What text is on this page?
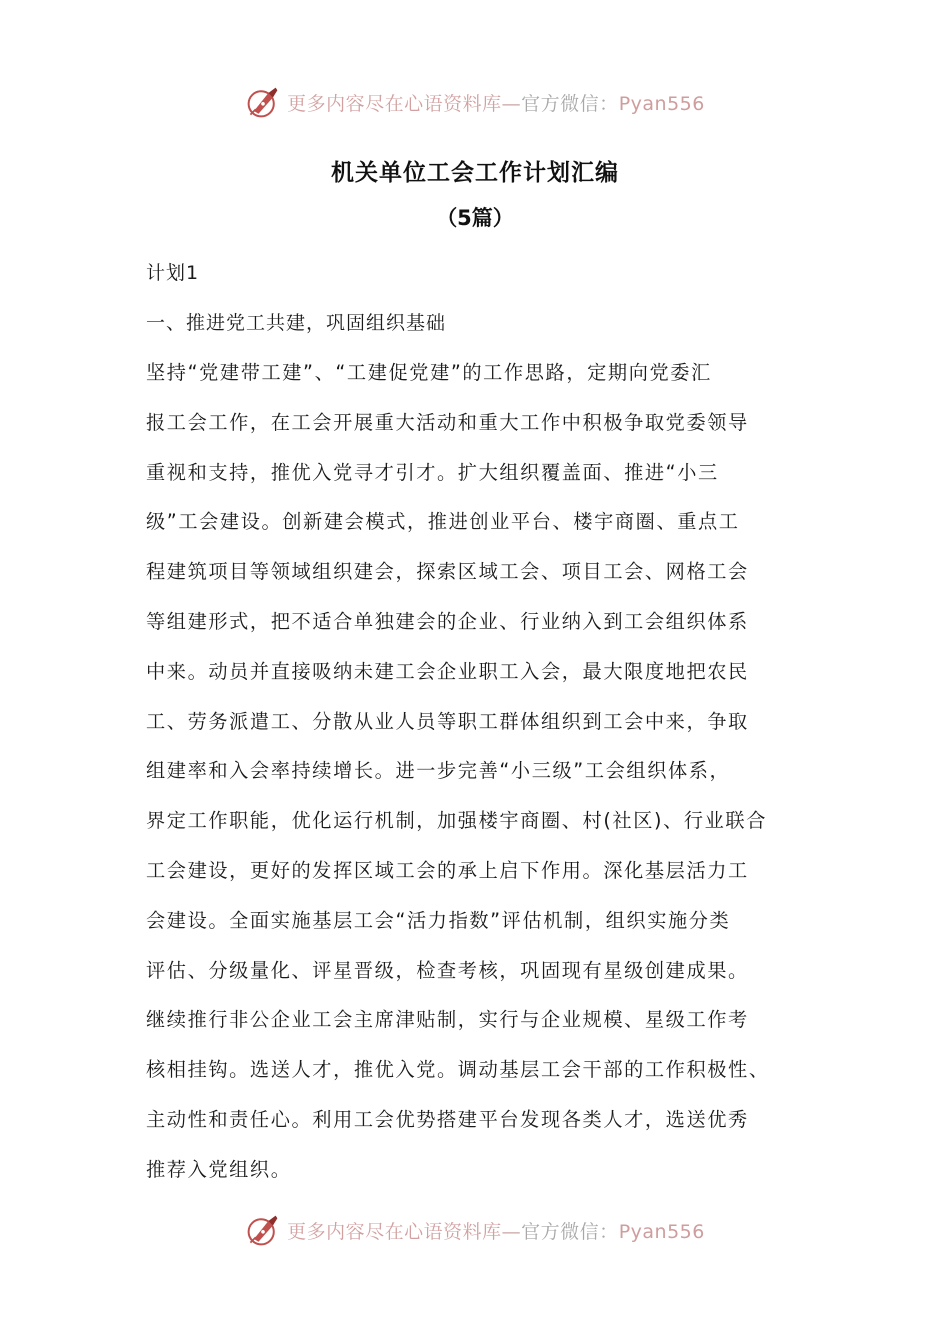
更多内容尽在心语资料库—官方微信：Pyan556
机关单位工会工作计划汇编
（5篇）
计划1
一、推进党工共建，巩固组织基础
坚持“党建带工建”、“工建促党建”的工作思路，定期向党委汇
报工会工作，在工会开展重大活动和重大工作中积极争取党委领导
重视和支持，推优入党寻才引才。扩大组织覆盖面、推进“小三
级”工会建设。创新建会模式，推进创业平台、楼宇商圈、重点工
程建筑项目等领域组织建会，探索区域工会、项目工会、网格工会
等组建形式，把不适合单独建会的企业、行业纳入到工会组织体系
中来。动员并直接吸纳未建工会企业职工入会，最大限度地把农民
工、劳务派遣工、分散从业人员等职工群体组织到工会中来，争取
组建率和入会率持续增长。进一步完善“小三级”工会组织体系，
界定工作职能，优化运行机制，加强楼宇商圈、村(社区)、行业联合
工会建设，更好的发挥区域工会的承上启下作用。深化基层活力工
会建设。全面实施基层工会“活力指数”评估机制，组织实施分类
评估、分级量化、评星晋级，检查考核，巩固现有星级创建成果。
继续推行非公企业工会主席津贴制，实行与企业规模、星级工作考
核相挂钩。选送人才，推优入党。调动基层工会干部的工作积极性、
主动性和责任心。利用工会优势搭建平台发现各类人才，选送优秀
推荐入党组织。
更多内容尽在心语资料库—官方微信：Pyan556
